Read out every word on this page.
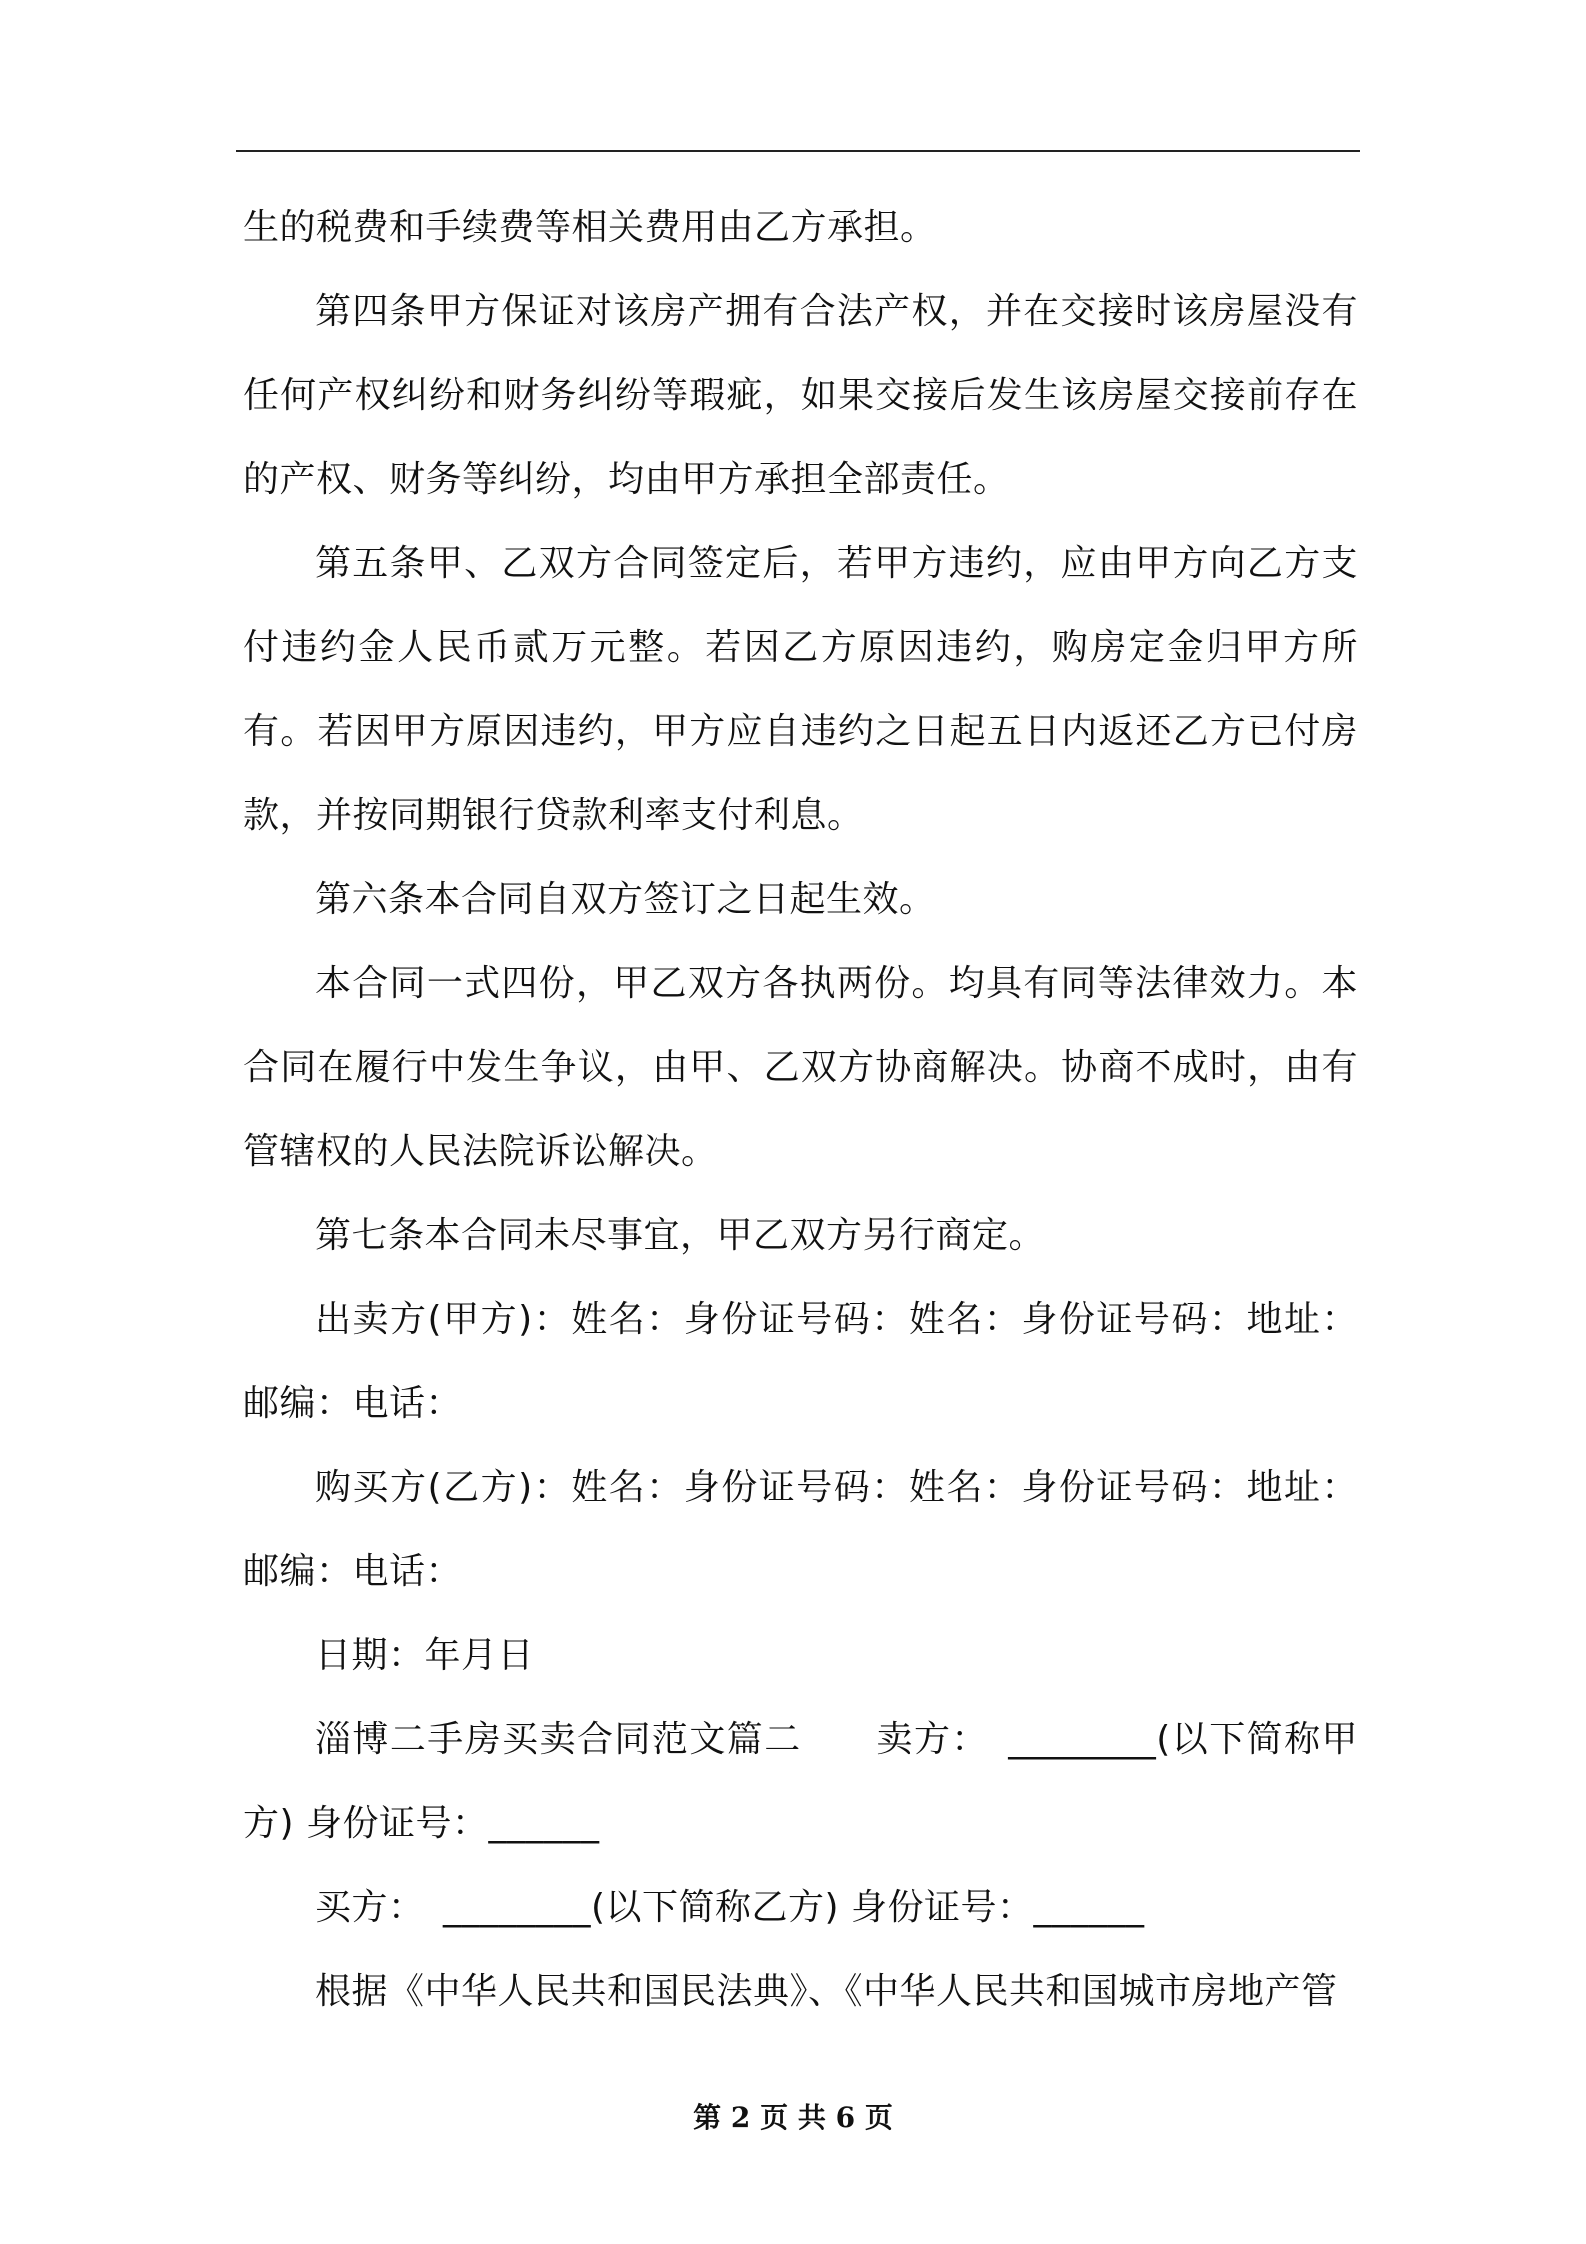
生的税费和手续费等相关费用由乙方承担。

第四条甲方保证对该房产拥有合法产权，并在交接时该房屋没有任何产权纠纷和财务纠纷等瑕疵，如果交接后发生该房屋交接前存在的产权、财务等纠纷，均由甲方承担全部责任。

第五条甲、乙双方合同签定后，若甲方违约，应由甲方向乙方支付违约金人民币贰万元整。若因乙方原因违约，购房定金归甲方所有。若因甲方原因违约，甲方应自违约之日起五日内返还乙方已付房款，并按同期银行贷款利率支付利息。

第六条本合同自双方签订之日起生效。

本合同一式四份，甲乙双方各执两份。均具有同等法律效力。本合同在履行中发生争议，由甲、乙双方协商解决。协商不成时，由有管辖权的人民法院诉讼解决。

第七条本合同未尽事宜，甲乙双方另行商定。

出卖方(甲方)：姓名：身份证号码：姓名：身份证号码：地址：邮编：电话：

购买方(乙方)：姓名：身份证号码：姓名：身份证号码：地址：邮编：电话：

日期：年月日

淄博二手房买卖合同范文篇二　　卖方：　________(以下简称甲方) 身份证号：______

买方：　________(以下简称乙方) 身份证号：______

根据《中华人民共和国民法典》、《中华人民共和国城市房地产管

第 2 页 共 6 页
